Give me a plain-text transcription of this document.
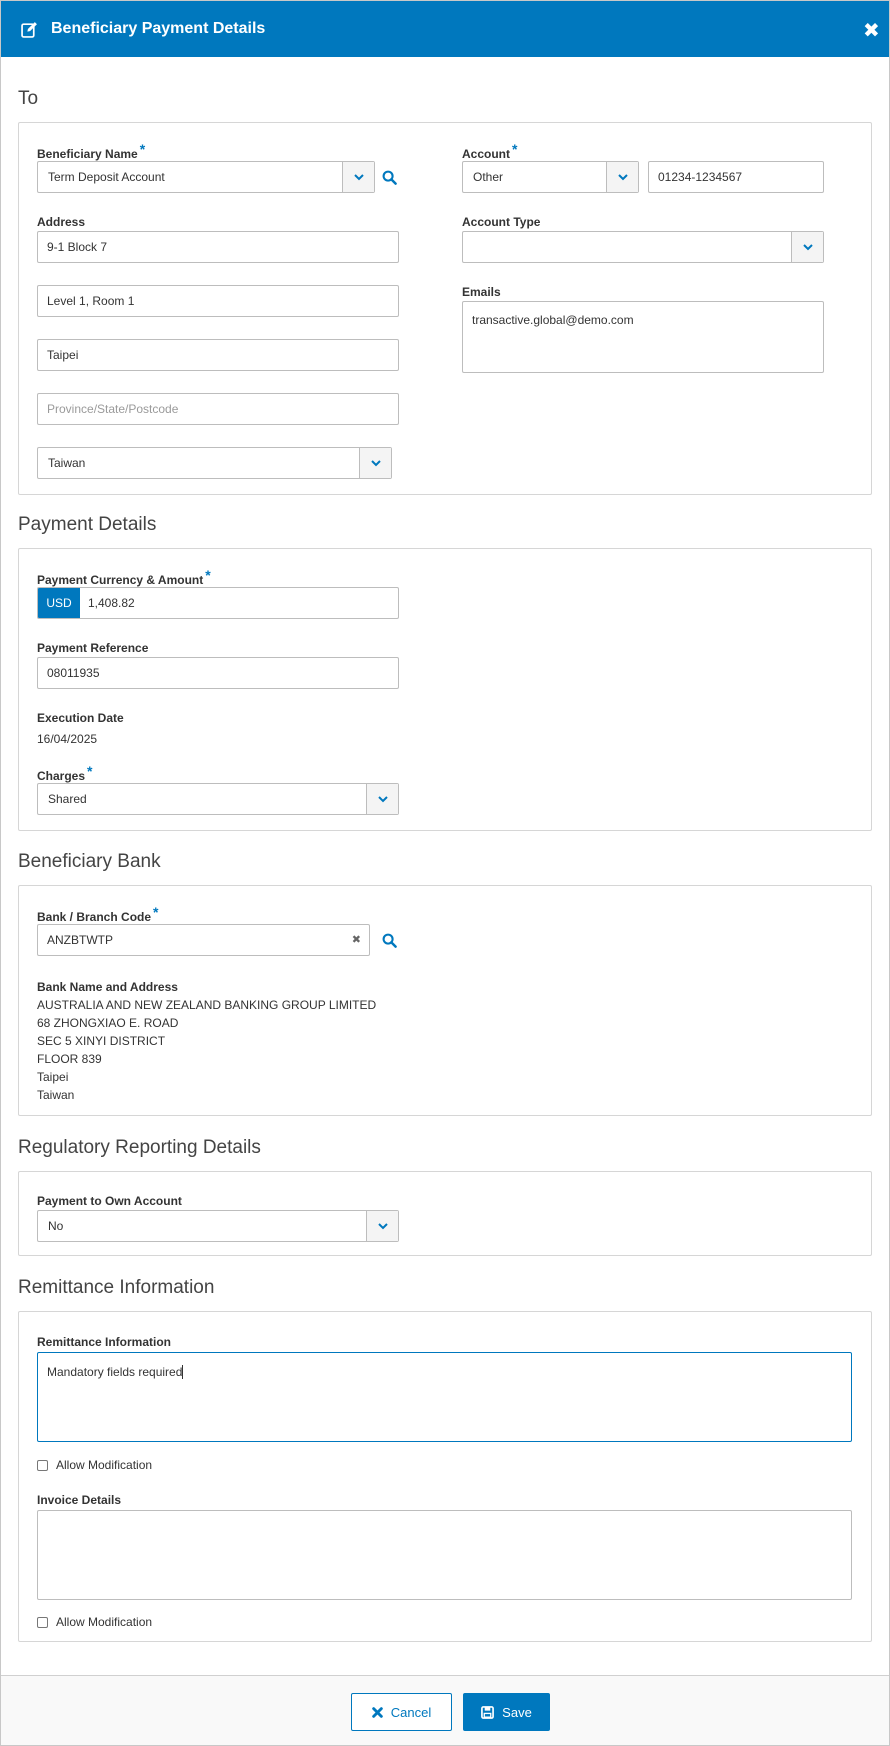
Beneficiary Payment Details	✖
To
Beneficiary Name *
Term Deposit Account
Address
9-1 Block 7
Level 1, Room 1
Taipei
Province/State/Postcode
Taiwan
Account *
Other	01234-1234567
Account Type
Emails
transactive.global@demo.com
Payment Details
Payment Currency & Amount *
USD	1,408.82
Payment Reference
08011935
Execution Date
16/04/2025
Charges *
Shared
Beneficiary Bank
Bank / Branch Code *
ANZBTWTP	✖
Bank Name and Address
AUSTRALIA AND NEW ZEALAND BANKING GROUP LIMITED
68 ZHONGXIAO E. ROAD
SEC 5 XINYI DISTRICT
FLOOR 839
Taipei
Taiwan
Regulatory Reporting Details
Payment to Own Account
No
Remittance Information
Remittance Information
Mandatory fields required
Allow Modification
Invoice Details
Allow Modification
Cancel	Save
